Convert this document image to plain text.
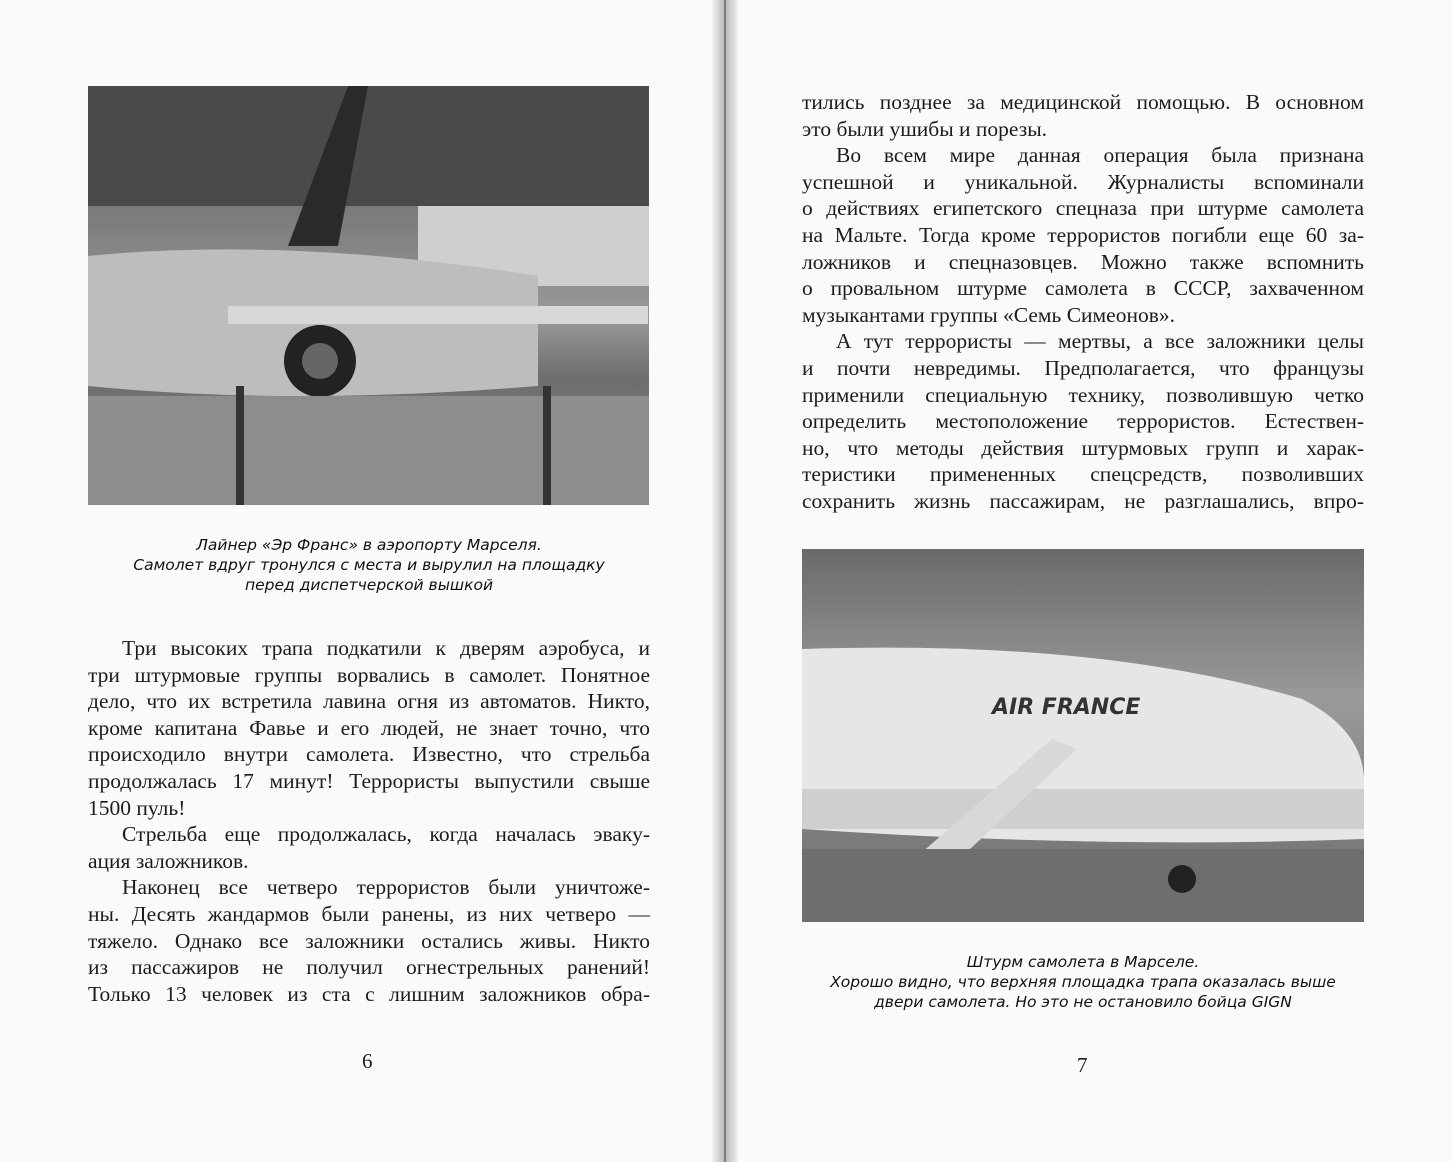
Лайнер «Эр Франс» в аэропорту Марселя.
Самолет вдруг тронулся с места и вырулил на площадку
перед диспетчерской вышкой
Три высоких трапа подкатили к дверям аэробуса, и
три штурмовые группы ворвались в самолет. Понятное
дело, что их встретила лавина огня из автоматов. Никто,
кроме капитана Фавье и его людей, не знает точно, что
происходило внутри самолета. Известно, что стрельба
продолжалась 17 минут! Террористы выпустили свыше
1500 пуль!
Стрельба еще продолжалась, когда началась эваку-
ация заложников.
Наконец все четверо террористов были уничтоже-
ны. Десять жандармов были ранены, из них четверо —
тяжело. Однако все заложники остались живы. Никто
из пассажиров не получил огнестрельных ранений!
Только 13 человек из ста с лишним заложников обра-
6
тились позднее за медицинской помощью. В основном
это были ушибы и порезы.
Во всем мире данная операция была признана
успешной и уникальной. Журналисты вспоминали
о действиях египетского спецназа при штурме самолета
на Мальте. Тогда кроме террористов погибли еще 60 за-
ложников и спецназовцев. Можно также вспомнить
о провальном штурме самолета в СССР, захваченном
музыкантами группы «Семь Симеонов».
А тут террористы — мертвы, а все заложники целы
и почти невредимы. Предполагается, что французы
применили специальную технику, позволившую четко
определить местоположение террористов. Естествен-
но, что методы действия штурмовых групп и харак-
теристики примененных спецсредств, позволивших
сохранить жизнь пассажирам, не разглашались, впро-
AIR FRANCE
Штурм самолета в Марселе.
Хорошо видно, что верхняя площадка трапа оказалась выше
двери самолета. Но это не остановило бойца GIGN
7
